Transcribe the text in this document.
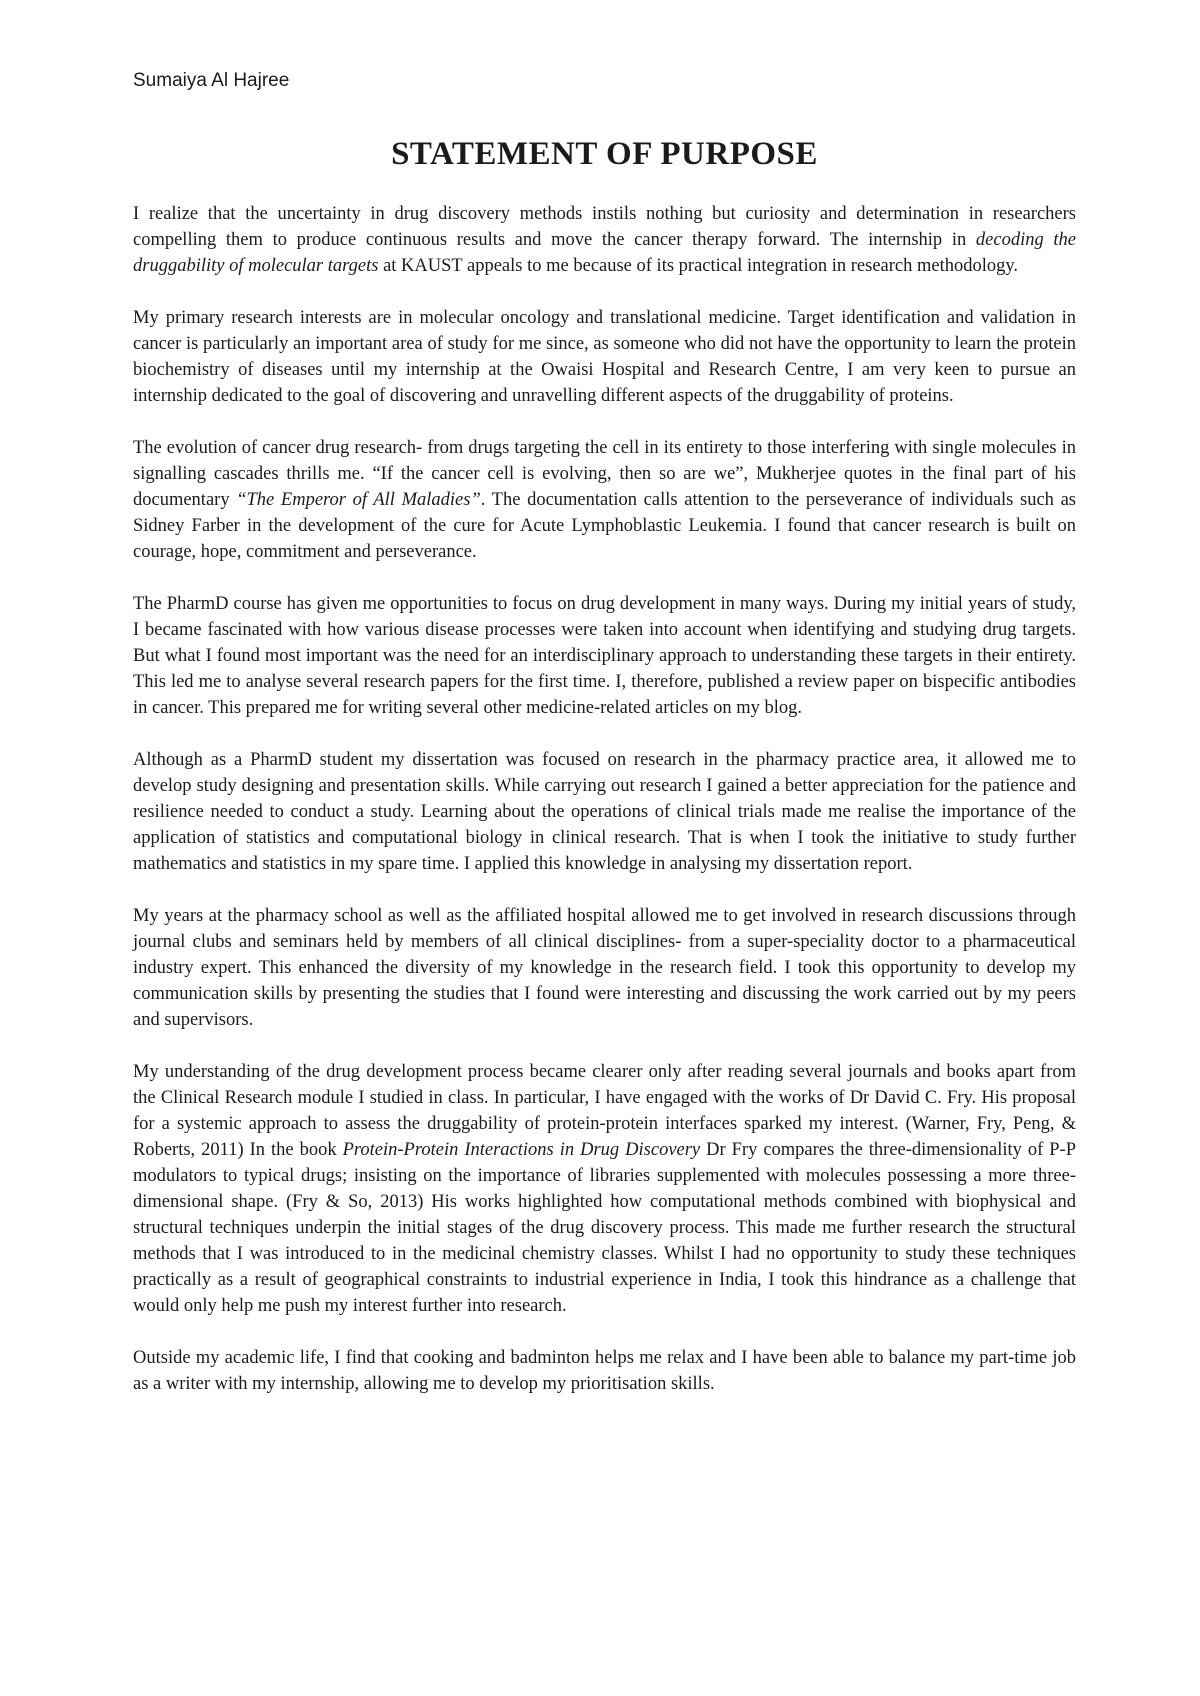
Sumaiya Al Hajree
STATEMENT OF PURPOSE

I realize that the uncertainty in drug discovery methods instils nothing but curiosity and determination in researchers compelling them to produce continuous results and move the cancer therapy forward. The internship in decoding the druggability of molecular targets at KAUST appeals to me because of its practical integration in research methodology.

My primary research interests are in molecular oncology and translational medicine. Target identification and validation in cancer is particularly an important area of study for me since, as someone who did not have the opportunity to learn the protein biochemistry of diseases until my internship at the Owaisi Hospital and Research Centre, I am very keen to pursue an internship dedicated to the goal of discovering and unravelling different aspects of the druggability of proteins.

The evolution of cancer drug research- from drugs targeting the cell in its entirety to those interfering with single molecules in signalling cascades thrills me. “If the cancer cell is evolving, then so are we”, Mukherjee quotes in the final part of his documentary “The Emperor of All Maladies”. The documentation calls attention to the perseverance of individuals such as Sidney Farber in the development of the cure for Acute Lymphoblastic Leukemia. I found that cancer research is built on courage, hope, commitment and perseverance.

The PharmD course has given me opportunities to focus on drug development in many ways. During my initial years of study, I became fascinated with how various disease processes were taken into account when identifying and studying drug targets. But what I found most important was the need for an interdisciplinary approach to understanding these targets in their entirety. This led me to analyse several research papers for the first time. I, therefore, published a review paper on bispecific antibodies in cancer. This prepared me for writing several other medicine-related articles on my blog.

Although as a PharmD student my dissertation was focused on research in the pharmacy practice area, it allowed me to develop study designing and presentation skills. While carrying out research I gained a better appreciation for the patience and resilience needed to conduct a study. Learning about the operations of clinical trials made me realise the importance of the application of statistics and computational biology in clinical research. That is when I took the initiative to study further mathematics and statistics in my spare time. I applied this knowledge in analysing my dissertation report.

My years at the pharmacy school as well as the affiliated hospital allowed me to get involved in research discussions through journal clubs and seminars held by members of all clinical disciplines- from a super-speciality doctor to a pharmaceutical industry expert. This enhanced the diversity of my knowledge in the research field. I took this opportunity to develop my communication skills by presenting the studies that I found were interesting and discussing the work carried out by my peers and supervisors.

My understanding of the drug development process became clearer only after reading several journals and books apart from the Clinical Research module I studied in class. In particular, I have engaged with the works of Dr David C. Fry. His proposal for a systemic approach to assess the druggability of protein-protein interfaces sparked my interest. (Warner, Fry, Peng, & Roberts, 2011) In the book Protein-Protein Interactions in Drug Discovery Dr Fry compares the three-dimensionality of P-P modulators to typical drugs; insisting on the importance of libraries supplemented with molecules possessing a more three-dimensional shape. (Fry & So, 2013) His works highlighted how computational methods combined with biophysical and structural techniques underpin the initial stages of the drug discovery process. This made me further research the structural methods that I was introduced to in the medicinal chemistry classes. Whilst I had no opportunity to study these techniques practically as a result of geographical constraints to industrial experience in India, I took this hindrance as a challenge that would only help me push my interest further into research.

Outside my academic life, I find that cooking and badminton helps me relax and I have been able to balance my part-time job as a writer with my internship, allowing me to develop my prioritisation skills.
